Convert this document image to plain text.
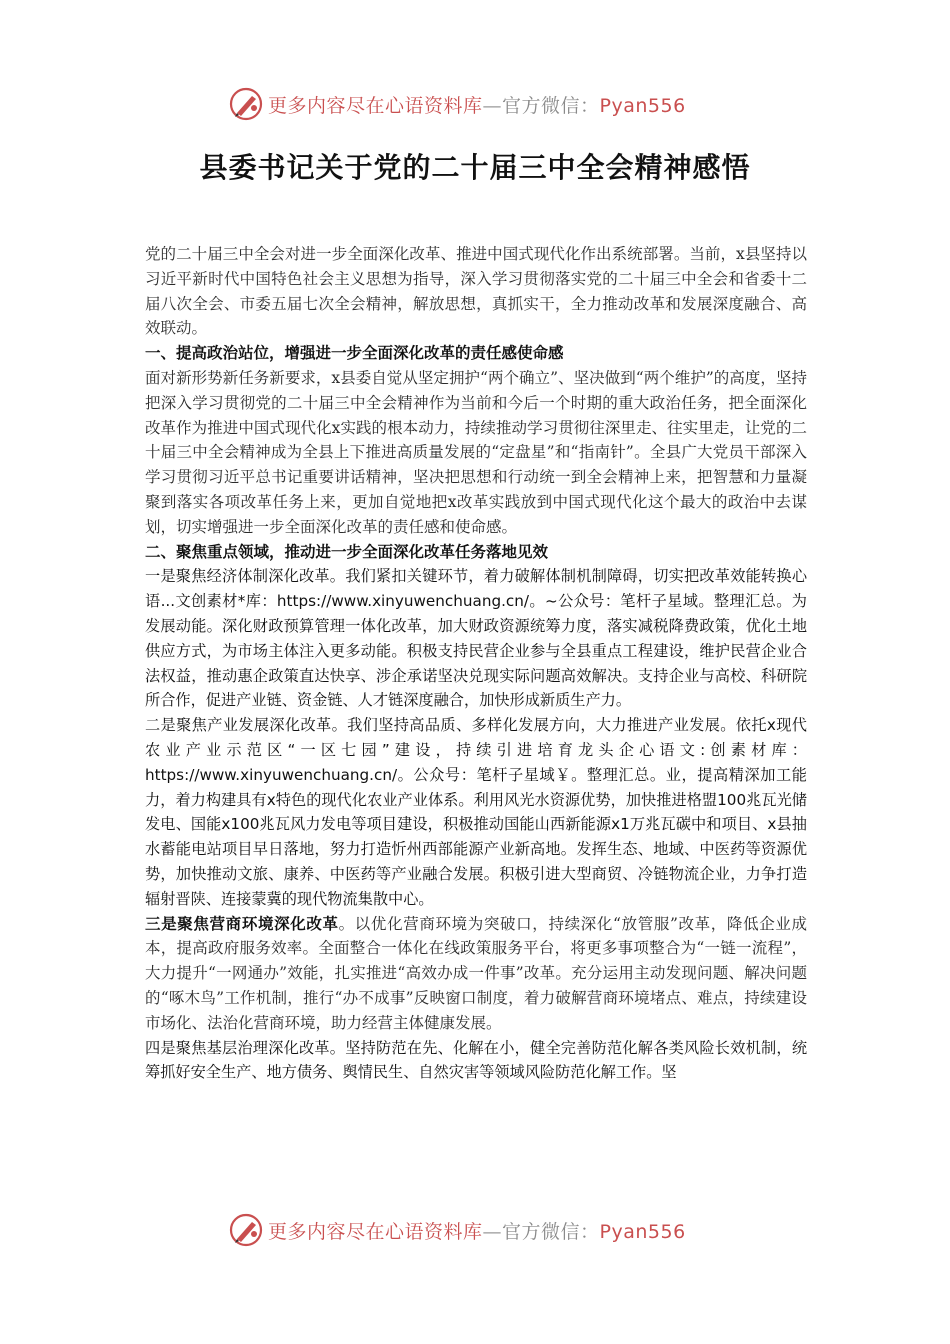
更多内容尽在心语资料库—官方微信：Pyan556
县委书记关于党的二十届三中全会精神感悟

党的二十届三中全会对进一步全面深化改革、推进中国式现代化作出系统部署。当前，x县坚持以习近平新时代中国特色社会主义思想为指导，深入学习贯彻落实党的二十届三中全会和省委十二届八次全会、市委五届七次全会精神，解放思想，真抓实干，全力推动改革和发展深度融合、高效联动。

一、提高政治站位，增强进一步全面深化改革的责任感使命感

面对新形势新任务新要求，x县委自觉从坚定拥护“两个确立”、坚决做到“两个维护”的高度，坚持把深入学习贯彻党的二十届三中全会精神作为当前和今后一个时期的重大政治任务，把全面深化改革作为推进中国式现代化x实践的根本动力，持续推动学习贯彻往深里走、往实里走，让党的二十届三中全会精神成为全县上下推进高质量发展的“定盘星”和“指南针”。全县广大党员干部深入学习贯彻习近平总书记重要讲话精神，坚决把思想和行动统一到全会精神上来，把智慧和力量凝聚到落实各项改革任务上来，更加自觉地把x改革实践放到中国式现代化这个最大的政治中去谋划，切实增强进一步全面深化改革的责任感和使命感。

二、聚焦重点领域，推动进一步全面深化改革任务落地见效

一是聚焦经济体制深化改革。我们紧扣关键环节，着力破解体制机制障碍，切实把改革效能转换心语...文创素材*库：https://www.xinyuwenchuang.cn/。~公众号：笔杆子星域。整理汇总。为发展动能。深化财政预算管理一体化改革，加大财政资源统筹力度，落实减税降费政策，优化土地供应方式，为市场主体注入更多动能。积极支持民营企业参与全县重点工程建设，维护民营企业合法权益，推动惠企政策直达快享、涉企承诺坚决兑现实际问题高效解决。支持企业与高校、科研院所合作，促进产业链、资金链、人才链深度融合，加快形成新质生产力。

二是聚焦产业发展深化改革。我们坚持高品质、多样化发展方向，大力推进产业发展。依托x现代农业产业示范区“一区七园”建设，持续引进培育龙头企心语文:创素材库：https://www.xinyuwenchuang.cn/。公众号：笔杆子星域￥。整理汇总。业，提高精深加工能力，着力构建具有x特色的现代化农业产业体系。利用风光水资源优势，加快推进格盟100兆瓦光储发电、国能x100兆瓦风力发电等项目建设，积极推动国能山西新能源x1万兆瓦碳中和项目、x县抽水蓄能电站项目早日落地，努力打造忻州西部能源产业新高地。发挥生态、地域、中医药等资源优势，加快推动文旅、康养、中医药等产业融合发展。积极引进大型商贸、冷链物流企业，力争打造辐射晋陕、连接蒙冀的现代物流集散中心。

三是聚焦营商环境深化改革。以优化营商环境为突破口，持续深化“放管服”改革，降低企业成本，提高政府服务效率。全面整合一体化在线政策服务平台，将更多事项整合为“一链一流程”，大力提升“一网通办”效能，扎实推进“高效办成一件事”改革。充分运用主动发现问题、解决问题的“啄木鸟”工作机制，推行“办不成事”反映窗口制度，着力破解营商环境堵点、难点，持续建设市场化、法治化营商环境，助力经营主体健康发展。

四是聚焦基层治理深化改革。坚持防范在先、化解在小，健全完善防范化解各类风险长效机制，统筹抓好安全生产、地方债务、舆情民生、自然灾害等领域风险防范化解工作。坚

更多内容尽在心语资料库—官方微信：Pyan556
